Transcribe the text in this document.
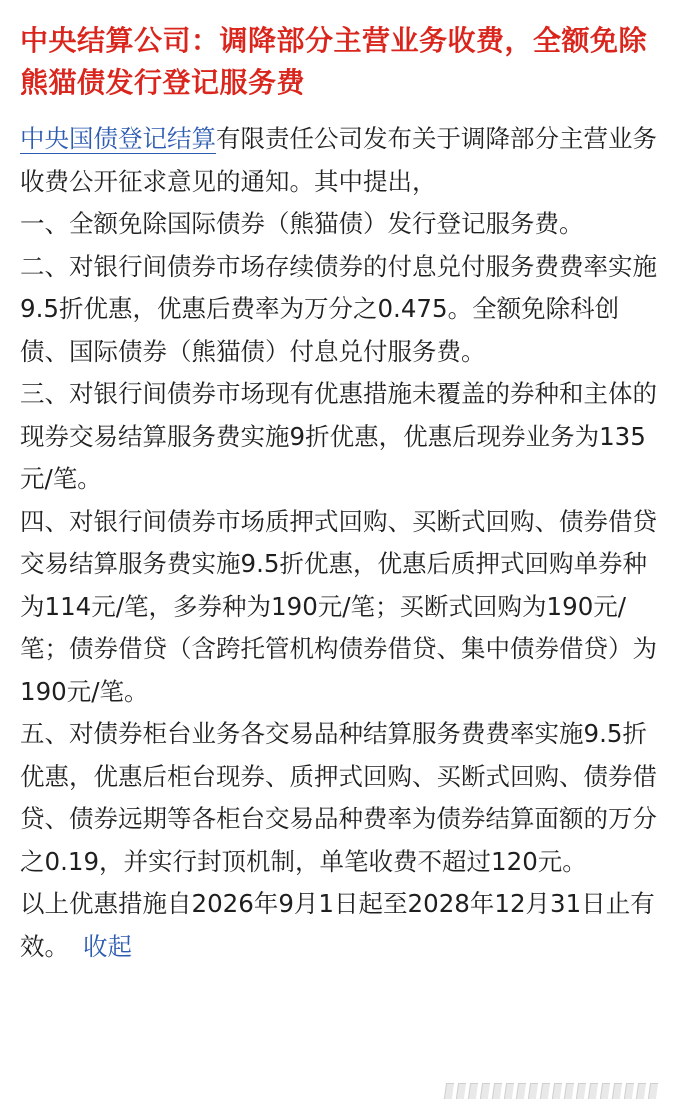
中央结算公司：调降部分主营业务收费，全额免除熊猫债发行登记服务费

中央国债登记结算有限责任公司发布关于调降部分主营业务收费公开征求意见的通知。其中提出，

一、全额免除国际债券（熊猫债）发行登记服务费。

二、对银行间债券市场存续债券的付息兑付服务费费率实施9.5折优惠，优惠后费率为万分之0.475。全额免除科创债、国际债券（熊猫债）付息兑付服务费。

三、对银行间债券市场现有优惠措施未覆盖的券种和主体的现券交易结算服务费实施9折优惠，优惠后现券业务为135元/笔。

四、对银行间债券市场质押式回购、买断式回购、债券借贷交易结算服务费实施9.5折优惠，优惠后质押式回购单券种为114元/笔，多券种为190元/笔；买断式回购为190元/笔；债券借贷（含跨托管机构债券借贷、集中债券借贷）为190元/笔。

五、对债券柜台业务各交易品种结算服务费费率实施9.5折优惠，优惠后柜台现券、质押式回购、买断式回购、债券借贷、债券远期等各柜台交易品种费率为债券结算面额的万分之0.19，并实行封顶机制，单笔收费不超过120元。

以上优惠措施自2026年9月1日起至2028年12月31日止有效。 收起
